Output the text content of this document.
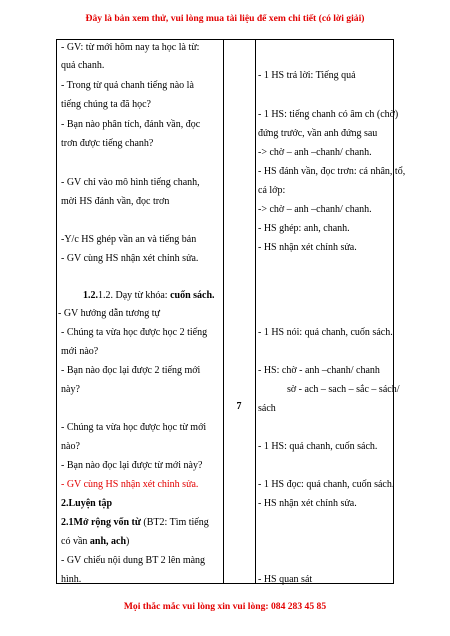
Đây là bản xem thử, vui lòng mua tài liệu để xem chi tiết (có lời giải)
- GV: từ mới hôm nay ta học là từ:
quả chanh.
- Trong từ quả chanh tiếng nào là
tiếng chúng ta đã học?
- Bạn nào phân tích, đánh vần, đọc
trơn được tiếng chanh?
- GV chỉ vào mô hình tiếng chanh,
mời HS đánh vần, đọc trơn
-Y/c HS ghép vần an và tiếng bản
- GV cùng HS nhận xét chỉnh sửa.
1.2.1.2. Dạy từ khóa: cuốn sách.
- GV hướng dẫn tương tự
- Chúng ta vừa học được học 2 tiếng
mới nào?
- Bạn nào đọc lại được 2 tiếng mới
này?
- Chúng ta vừa học được học từ mới
nào?
- Bạn nào đọc lại được từ mới này?
- GV cùng HS nhận xét chỉnh sửa.
2.Luyện tập
2.1Mở rộng vốn từ (BT2: Tìm tiếng
có vần anh, ach)
- GV chiếu nội dung BT 2 lên màng
hình.
7
- 1 HS trả lời: Tiếng quả
- 1 HS: tiếng chanh có âm ch (chờ)
đứng trước, vần anh đứng sau
-> chờ – anh –chanh/ chanh.
- HS đánh vần, đọc trơn: cá nhân, tổ,
cả lớp:
-> chờ – anh –chanh/ chanh.
- HS ghép: anh, chanh.
- HS nhận xét chỉnh sửa.
- 1 HS nói: quả chanh, cuốn sách.
- HS: chờ - anh –chanh/ chanh
sờ - ach – sach – sắc – sách/
sách
- 1 HS: quả chanh, cuốn sách.
- 1 HS đọc: quả chanh, cuốn sách.
- HS nhận xét chỉnh sửa.
- HS quan sát
Mọi thắc mắc vui lòng xin vui lòng: 084 283 45 85
